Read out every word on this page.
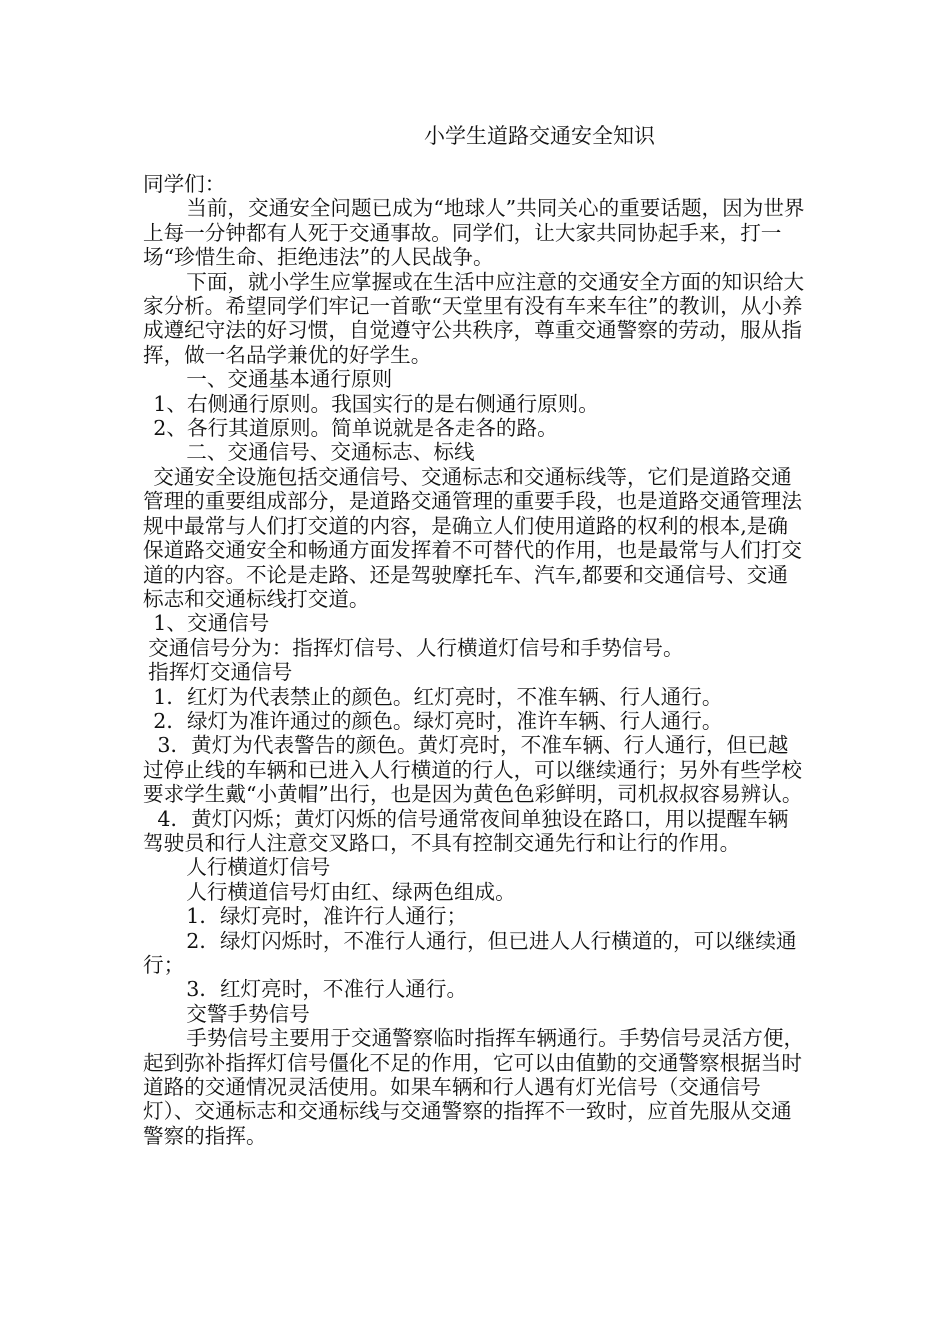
小学生道路交通安全知识

同学们：

当前，交通安全问题已成为“地球人”共同关心的重要话题，因为世界上每一分钟都有人死于交通事故。同学们，让大家共同协起手来，打一场“珍惜生命、拒绝违法”的人民战争。

下面，就小学生应掌握或在生活中应注意的交通安全方面的知识给大家分析。希望同学们牢记一首歌“天堂里有没有车来车往”的教训，从小养成遵纪守法的好习惯，自觉遵守公共秩序，尊重交通警察的劳动，服从指挥，做一名品学兼优的好学生。

一、交通基本通行原则

1、右侧通行原则。我国实行的是右侧通行原则。

2、各行其道原则。简单说就是各走各的路。

二、交通信号、交通标志、标线

交通安全设施包括交通信号、交通标志和交通标线等，它们是道路交通管理的重要组成部分，是道路交通管理的重要手段，也是道路交通管理法规中最常与人们打交道的内容，是确立人们使用道路的权利的根本,是确保道路交通安全和畅通方面发挥着不可替代的作用，也是最常与人们打交道的内容。不论是走路、还是驾驶摩托车、汽车,都要和交通信号、交通标志和交通标线打交道。

1、交通信号

交通信号分为：指挥灯信号、人行横道灯信号和手势信号。

指挥灯交通信号

1．红灯为代表禁止的颜色。红灯亮时，不准车辆、行人通行。

2．绿灯为准许通过的颜色。绿灯亮时，准许车辆、行人通行。

3．黄灯为代表警告的颜色。黄灯亮时，不准车辆、行人通行，但已越过停止线的车辆和已进入人行横道的行人，可以继续通行；另外有些学校要求学生戴“小黄帽”出行，也是因为黄色色彩鲜明，司机叔叔容易辨认。

4．黄灯闪烁；黄灯闪烁的信号通常夜间单独设在路口，用以提醒车辆驾驶员和行人注意交叉路口，不具有控制交通先行和让行的作用。

人行横道灯信号

人行横道信号灯由红、绿两色组成。

1．绿灯亮时，准许行人通行；

2．绿灯闪烁时，不准行人通行，但已进人人行横道的，可以继续通行；

3．红灯亮时，不准行人通行。

交警手势信号

手势信号主要用于交通警察临时指挥车辆通行。手势信号灵活方便，起到弥补指挥灯信号僵化不足的作用，它可以由值勤的交通警察根据当时道路的交通情况灵活使用。如果车辆和行人遇有灯光信号（交通信号灯）、交通标志和交通标线与交通警察的指挥不一致时，应首先服从交通警察的指挥。
